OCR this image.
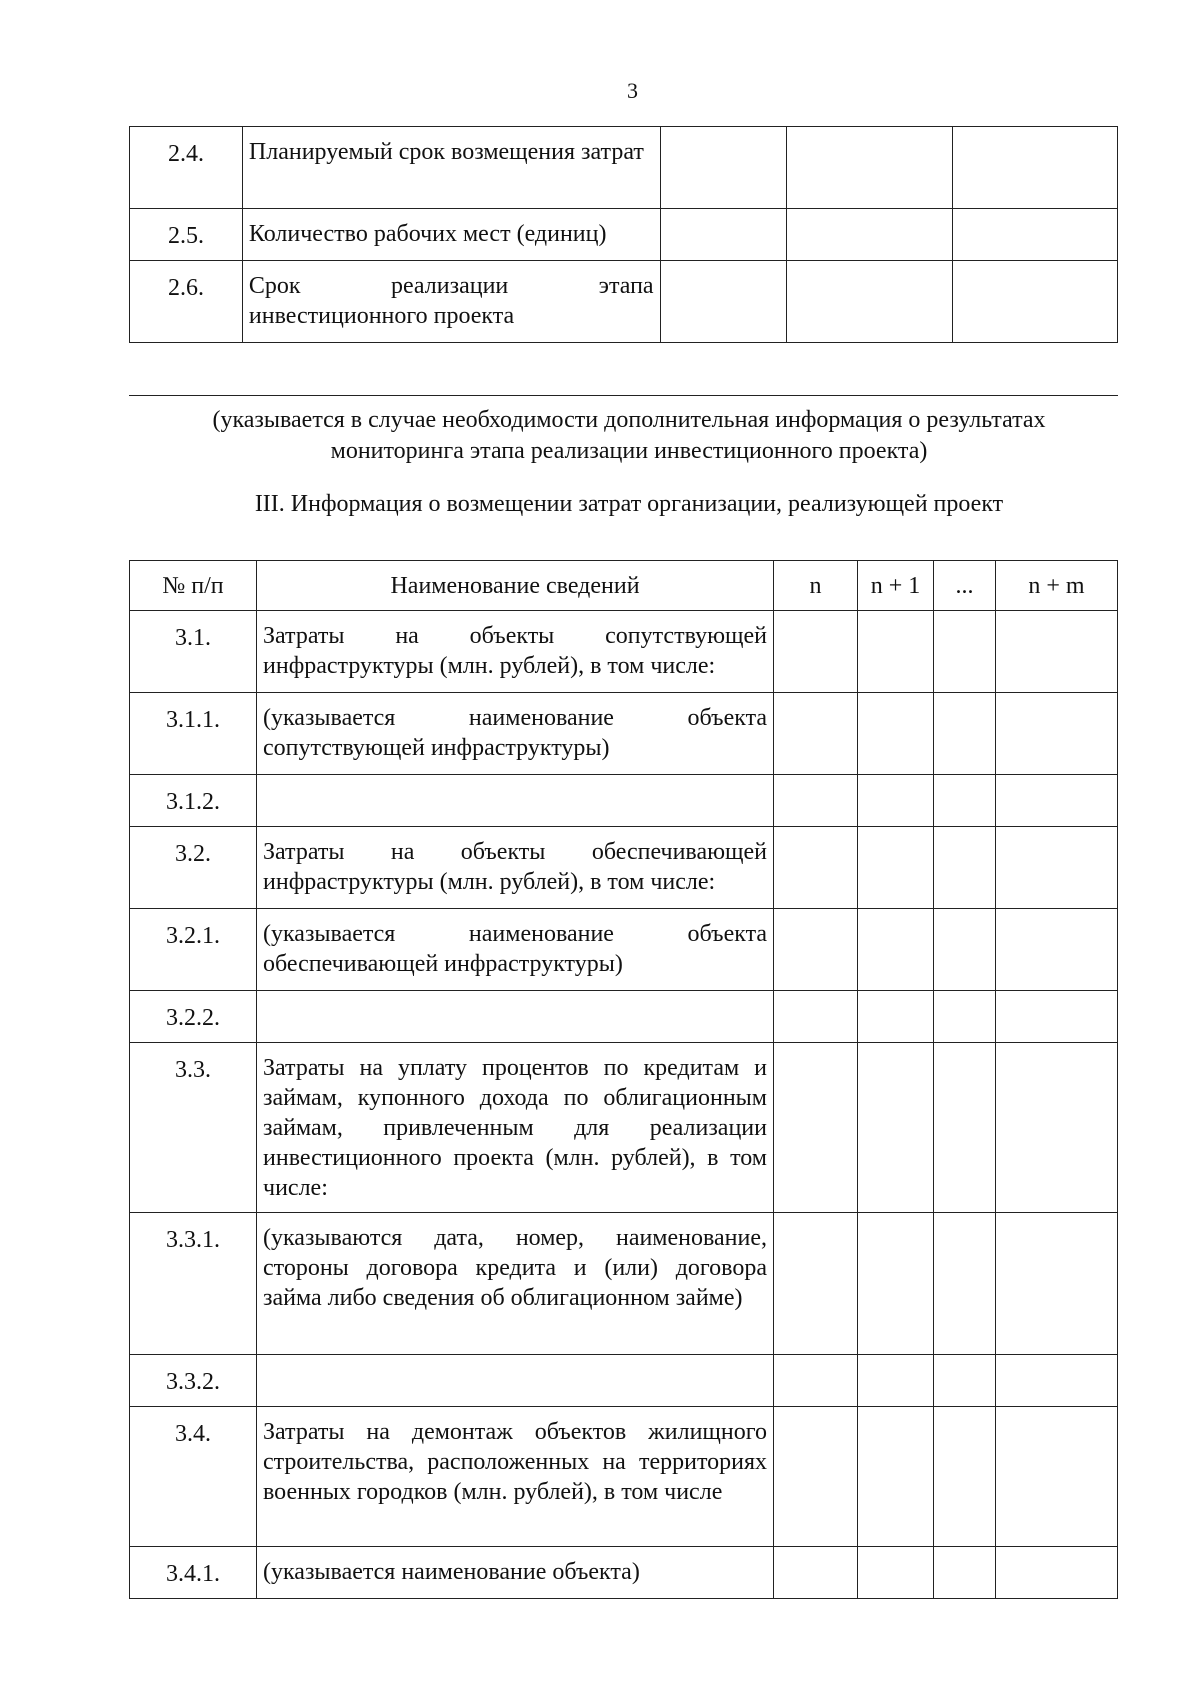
3
2.4.	Планируемый срок возмещения затрат			
2.5.	Количество рабочих мест (единиц)			
2.6.	Срок реализации этапа инвестиционного проекта			
(указывается в случае необходимости дополнительная информация о результатах
мониторинга этапа реализации инвестиционного проекта)
III. Информация о возмещении затрат организации, реализующей проект
№ п/п	Наименование сведений	n	n + 1	...	n + m
3.1.	Затраты на объекты сопутствующей инфраструктуры (млн. рублей), в том числе:				
3.1.1.	(указывается наименование объекта сопутствующей инфраструктуры)				
3.1.2.					
3.2.	Затраты на объекты обеспечивающей инфраструктуры (млн. рублей), в том числе:				
3.2.1.	(указывается наименование объекта обеспечивающей инфраструктуры)				
3.2.2.					
3.3.	Затраты на уплату процентов по кредитам и займам, купонного дохода по облигационным займам, привлеченным для реализации инвестиционного проекта (млн. рублей), в том числе:				
3.3.1.	(указываются дата, номер, наименование, стороны договора кредита и (или) договора займа либо сведения об облигационном займе)				
3.3.2.					
3.4.	Затраты на демонтаж объектов жилищного строительства, расположенных на территориях военных городков (млн. рублей), в том числе				
3.4.1.	(указывается наименование объекта)				
